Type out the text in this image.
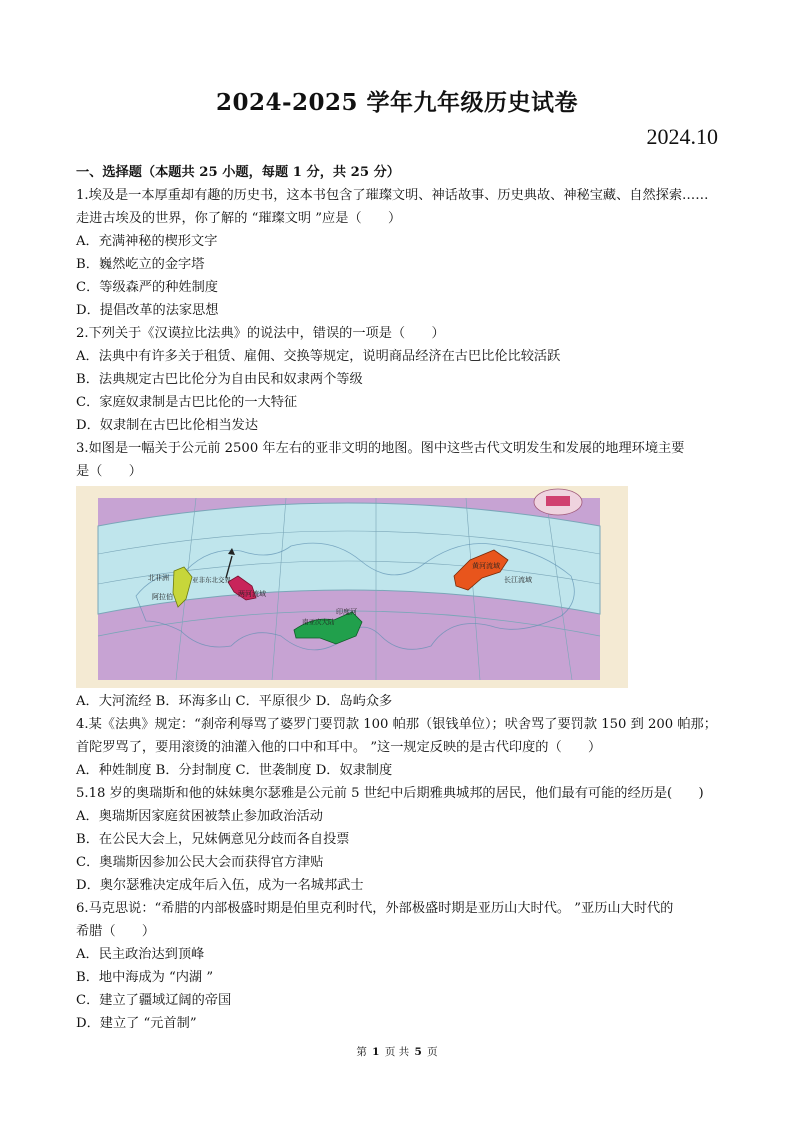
2024-2025 学年九年级历史试卷
2024.10
一、选择题（本题共 25 小题，每题 1 分，共 25 分）
1.埃及是一本厚重却有趣的历史书，这本书包含了璀璨文明、神话故事、历史典故、神秘宝藏、自然探索……
走进古埃及的世界，你了解的 “璀璨文明 ”应是（　　）
A．充满神秘的楔形文字
B．巍然屹立的金字塔
C．等级森严的种姓制度
D．提倡改革的法家思想
2.下列关于《汉谟拉比法典》的说法中，错误的一项是（　　）
A．法典中有许多关于租赁、雇佣、交换等规定，说明商品经济在古巴比伦比较活跃
B．法典规定古巴比伦分为自由民和奴隶两个等级
C．家庭奴隶制是古巴比伦的一大特征
D．奴隶制在古巴比伦相当发达
3.如图是一幅关于公元前 2500 年左右的亚非文明的地图。图中这些古代文明发生和发展的地理环境主要
是（　　）
北非洲
阿拉伯
亚非东北交界
两河流域
印度河
南亚次大陆
黄河流域
长江流域
A．大河流经 B．环海多山 C．平原很少 D．岛屿众多
4.某《法典》规定：“刹帝利辱骂了婆罗门要罚款 100 帕那（银钱单位）；吠舍骂了要罚款 150 到 200 帕那；
首陀罗骂了，要用滚烫的油灌入他的口中和耳中。 ”这一规定反映的是古代印度的（　　）
A．种姓制度 B．分封制度 C．世袭制度 D．奴隶制度
5.18 岁的奥瑞斯和他的妹妹奥尔瑟雅是公元前 5 世纪中后期雅典城邦的居民，他们最有可能的经历是(　　)
A．奥瑞斯因家庭贫困被禁止参加政治活动
B．在公民大会上，兄妹俩意见分歧而各自投票
C．奥瑞斯因参加公民大会而获得官方津贴
D．奥尔瑟雅决定成年后入伍，成为一名城邦武士
6.马克思说：“希腊的内部极盛时期是伯里克利时代，外部极盛时期是亚历山大时代。 ”亚历山大时代的
希腊（　　）
A．民主政治达到顶峰
B．地中海成为 “内湖 ”
C．建立了疆域辽阔的帝国
D．建立了 “元首制”
第 1 页 共 5 页
